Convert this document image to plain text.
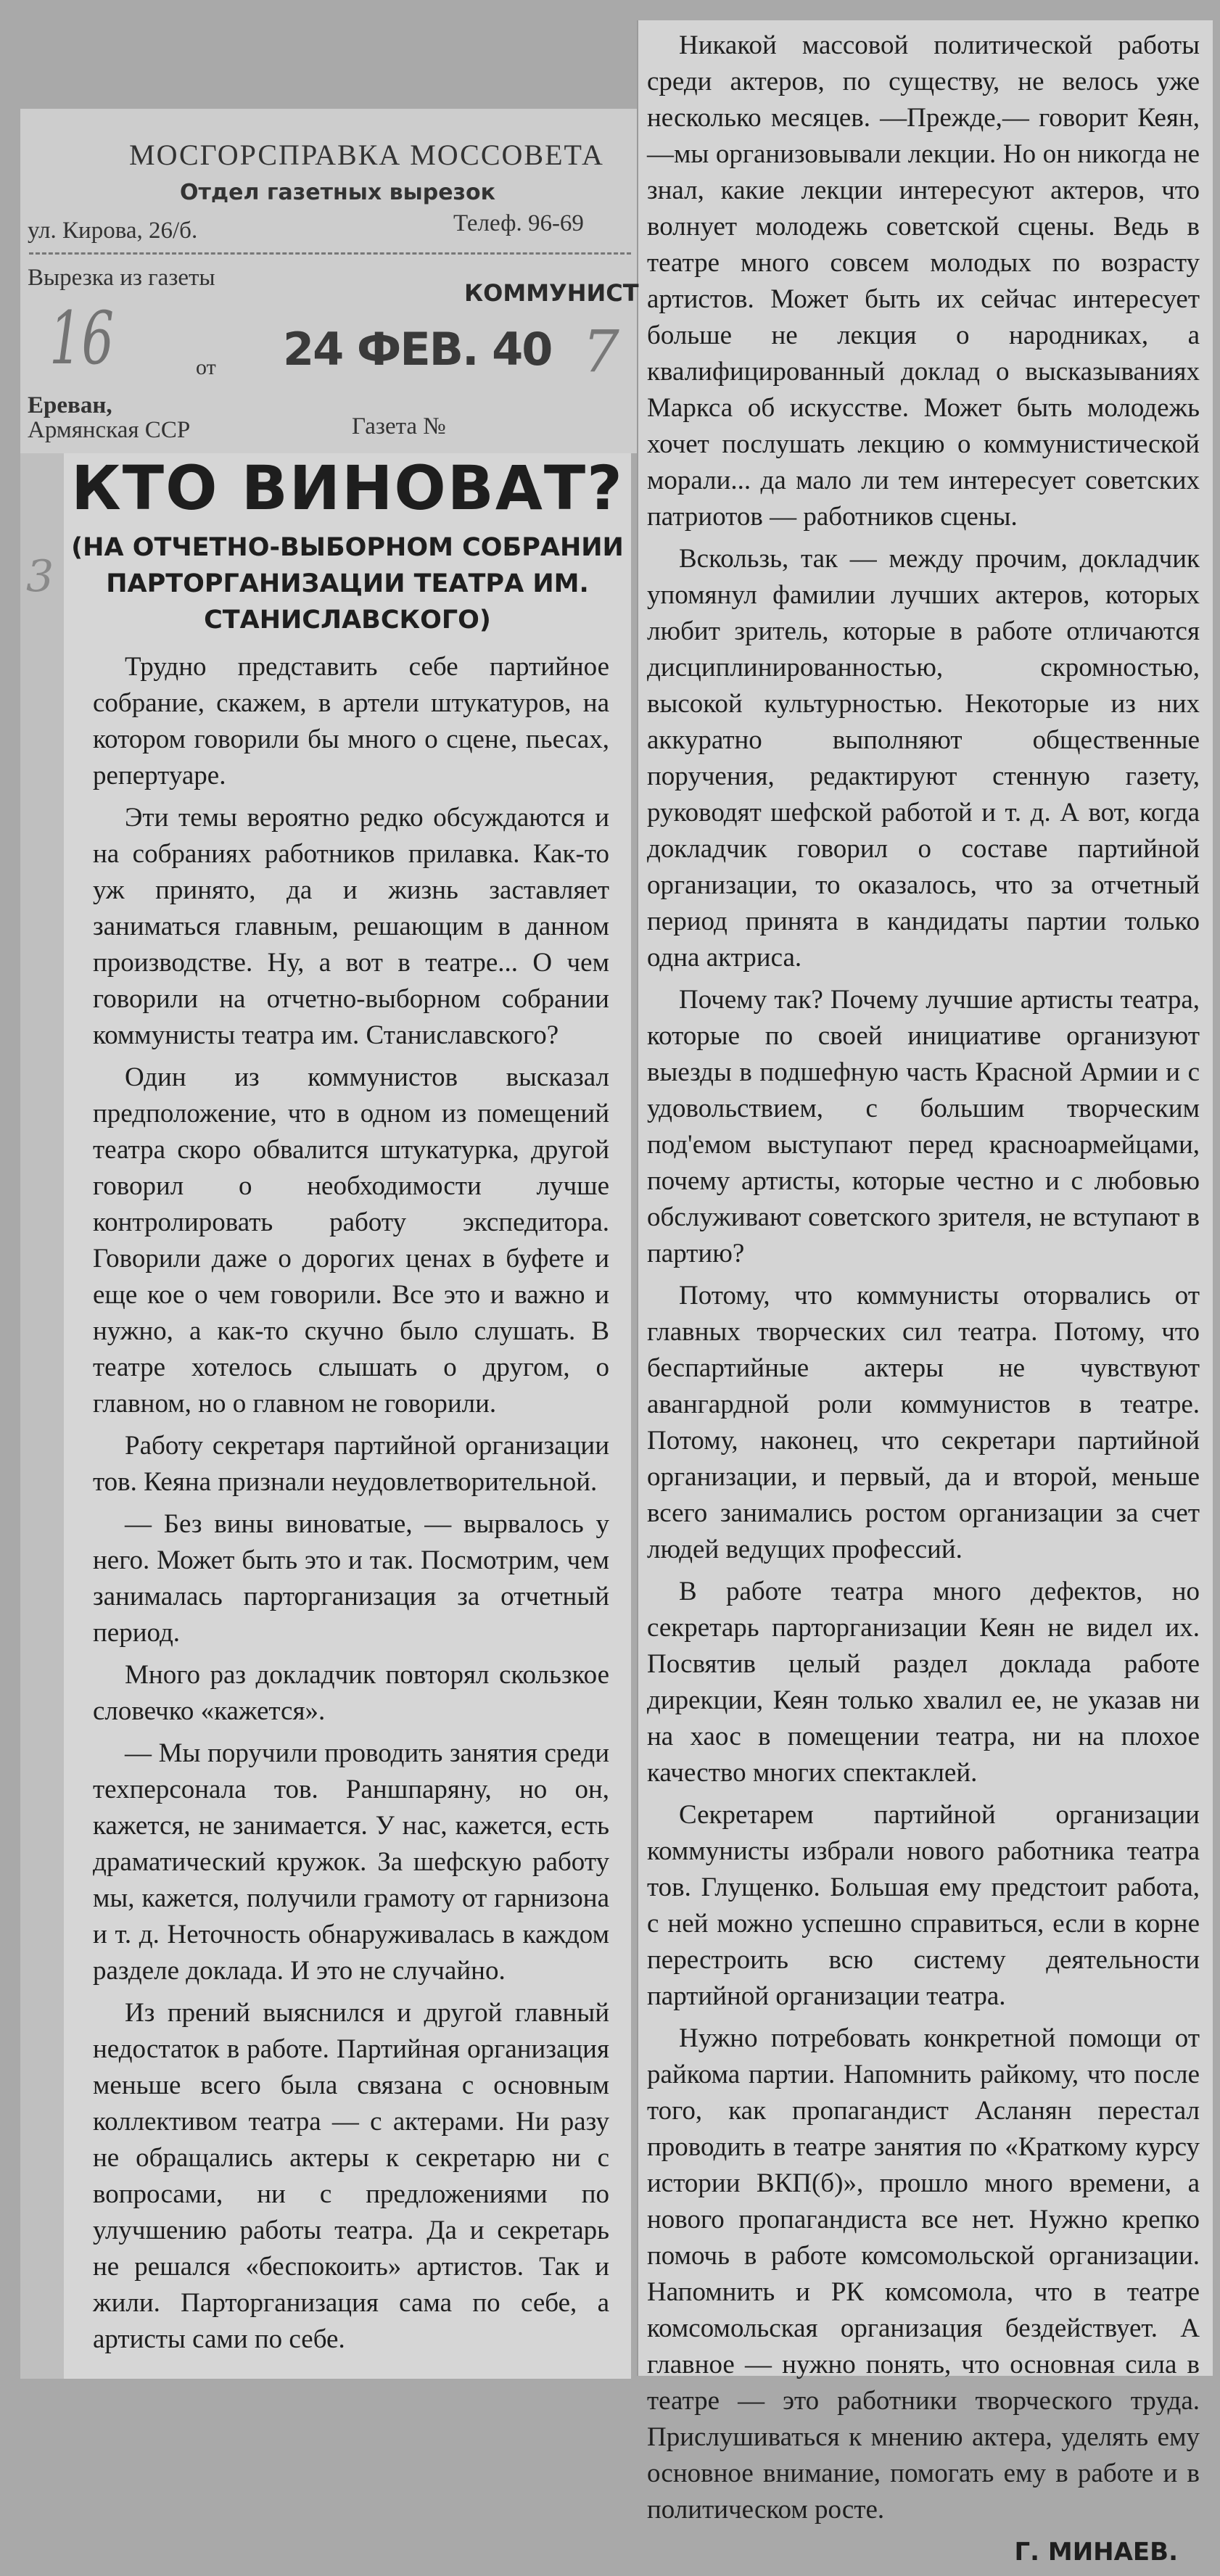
МОСГОРСПРАВКА МОССОВЕТА
Отдел газетных вырезок
ул. Кирова, 26/б.	Телеф. 96-69
Вырезка из газеты
КОММУНИСТ
от 24 ФЕВ. 40
Ереван,
Армянская ССР	Газета №
16	7
3
КТО ВИНОВАТ?
(НА ОТЧЕТНО-ВЫБОРНОМ СОБРАНИИ ПАРТОРГАНИЗАЦИИ ТЕАТРА ИМ. СТАНИСЛАВСКОГО)

Трудно представить себе партийное собрание, скажем, в артели штукатуров, на котором говорили бы много о сцене, пьесах, репертуаре.

Эти темы вероятно редко обсуждаются и на собраниях работников прилавка. Как-то уж принято, да и жизнь заставляет заниматься главным, решающим в данном производстве. Ну, а вот в театре... О чем говорили на отчетно-выборном собрании коммунисты театра им. Станиславского?

Один из коммунистов высказал предположение, что в одном из помещений театра скоро обвалится штукатурка, другой говорил о необходимости лучше контролировать работу экспедитора. Говорили даже о дорогих ценах в буфете и еще кое о чем говорили. Все это и важно и нужно, а как-то скучно было слушать. В театре хотелось слышать о другом, о главном, но о главном не говорили.

Работу секретаря партийной организации тов. Кеяна признали неудовлетворительной.

— Без вины виноватые, — вырвалось у него. Может быть это и так. Посмотрим, чем занималась парторганизация за отчетный период.

Много раз докладчик повторял скользкое словечко «кажется».

— Мы поручили проводить занятия среди техперсонала тов. Раншпаряну, но он, кажется, не занимается. У нас, кажется, есть драматический кружок. За шефскую работу мы, кажется, получили грамоту от гарнизона и т. д. Неточность обнаруживалась в каждом разделе доклада. И это не случайно.

Из прений выяснился и другой главный недостаток в работе. Партийная организация меньше всего была связана с основным коллективом театра — с актерами. Ни разу не обращались актеры к секретарю ни с вопросами, ни с предложениями по улучшению работы театра. Да и секретарь не решался «беспокоить» артистов. Так и жили. Парторганизация сама по себе, а артисты сами по себе.

Никакой массовой политической работы среди актеров, по существу, не велось уже несколько месяцев. —Прежде,— говорит Кеян,—мы организовывали лекции. Но он никогда не знал, какие лекции интересуют актеров, что волнует молодежь советской сцены. Ведь в театре много совсем молодых по возрасту артистов. Может быть их сейчас интересует больше не лекция о народниках, а квалифицированный доклад о высказываниях Маркса об искусстве. Может быть молодежь хочет послушать лекцию о коммунистической морали... да мало ли тем интересует советских патриотов — работников сцены.

Вскользь, так — между прочим, докладчик упомянул фамилии лучших актеров, которых любит зритель, которые в работе отличаются дисциплинированностью, скромностью, высокой культурностью. Некоторые из них аккуратно выполняют общественные поручения, редактируют стенную газету, руководят шефской работой и т. д. А вот, когда докладчик говорил о составе партийной организации, то оказалось, что за отчетный период принята в кандидаты партии только одна актриса.

Почему так? Почему лучшие артисты театра, которые по своей инициативе организуют выезды в подшефную часть Красной Армии и с удовольствием, с большим творческим под'емом выступают перед красноармейцами, почему артисты, которые честно и с любовью обслуживают советского зрителя, не вступают в партию?

Потому, что коммунисты оторвались от главных творческих сил театра. Потому, что беспартийные актеры не чувствуют авангардной роли коммунистов в театре. Потому, наконец, что секретари партийной организации, и первый, да и второй, меньше всего занимались ростом организации за счет людей ведущих профессий.

В работе театра много дефектов, но секретарь парторганизации Кеян не видел их. Посвятив целый раздел доклада работе дирекции, Кеян только хвалил ее, не указав ни на хаос в помещении театра, ни на плохое качество многих спектаклей.

Секретарем партийной организации коммунисты избрали нового работника театра тов. Глущенко. Большая ему предстоит работа, с ней можно успешно справиться, если в корне перестроить всю систему деятельности партийной организации театра.

Нужно потребовать конкретной помощи от райкома партии. Напомнить райкому, что после того, как пропагандист Асланян перестал проводить в театре занятия по «Краткому курсу истории ВКП(б)», прошло много времени, а нового пропагандиста все нет. Нужно крепко помочь в работе комсомольской организации. Напомнить и РК комсомола, что в театре комсомольская организация бездействует. А главное — нужно понять, что основная сила в театре — это работники творческого труда. Прислушиваться к мнению актера, уделять ему основное внимание, помогать ему в работе и в политическом росте.

Г. МИНАЕВ.
